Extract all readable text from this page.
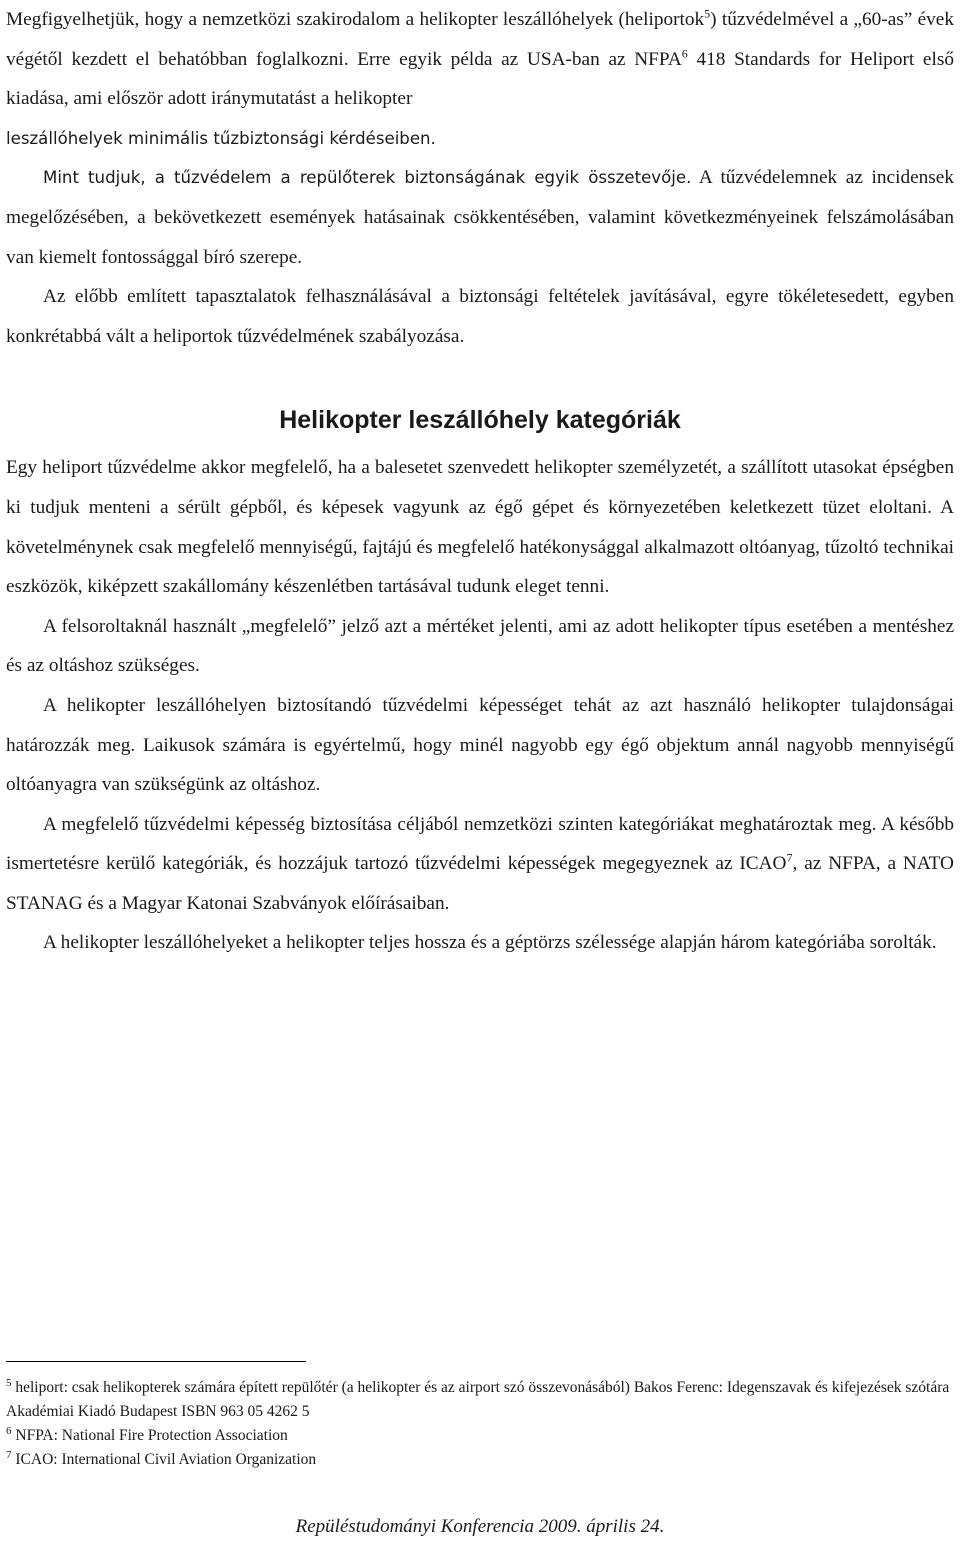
Megfigyelhetjük, hogy a nemzetközi szakirodalom a helikopter leszállóhelyek (heliportok$^5$) tűzvédelmével a „60-as” évek végétől kezdett el behatóbban foglalkozni. Erre egyik példa az USA-ban az NFPA$^6$ 418 Standards for Heliport első kiadása, ami először adott iránymutatást a helikopter
leszállóhelyek minimális tűzbiztonsági kérdéseiben.

Mint tudjuk, a tűzvédelem a repülőterek biztonságának egyik összetevője. A tűzvédelemnek az incidensek megelőzésében, a bekövetkezett események hatásainak csökkentésében, valamint következményeinek felszámolásában van kiemelt fontossággal bíró szerepe.

Az előbb említett tapasztalatok felhasználásával a biztonsági feltételek javításával, egyre tökéletesedett, egyben konkrétabbá vált a heliportok tűzvédelmének szabályozása.

Helikopter leszállóhely kategóriák

Egy heliport tűzvédelme akkor megfelelő, ha a balesetet szenvedett helikopter személyzetét, a szállított utasokat épségben ki tudjuk menteni a sérült gépből, és képesek vagyunk az égő gépet és környezetében keletkezett tüzet eloltani. A követelménynek csak megfelelő mennyiségű, fajtájú és megfelelő hatékonysággal alkalmazott oltóanyag, tűzoltó technikai eszközök, kiképzett szakállomány készenlétben tartásával tudunk eleget tenni.

A felsoroltaknál használt „megfelelő” jelző azt a mértéket jelenti, ami az adott helikopter típus esetében a mentéshez és az oltáshoz szükséges.

A helikopter leszállóhelyen biztosítandó tűzvédelmi képességet tehát az azt használó helikopter tulajdonságai határozzák meg. Laikusok számára is egyértelmű, hogy minél nagyobb egy égő objektum annál nagyobb mennyiségű oltóanyagra van szükségünk az oltáshoz.

A megfelelő tűzvédelmi képesség biztosítása céljából nemzetközi szinten kategóriákat meghatároztak meg. A később ismertetésre kerülő kategóriák, és hozzájuk tartozó tűzvédelmi képességek megegyeznek az ICAO$^7$, az NFPA, a NATO STANAG és a Magyar Katonai Szabványok előírásaiban.

A helikopter leszállóhelyeket a helikopter teljes hossza és a géptörzs szélessége alapján három kategóriába sorolták.

$^5$ heliport: csak helikopterek számára épített repülőtér (a helikopter és az airport szó összevonásából) Bakos Ferenc: Idegenszavak és kifejezések szótára Akadémiai Kiadó Budapest ISBN 963 05 4262 5

$^6$ NFPA: National Fire Protection Association

$^7$ ICAO: International Civil Aviation Organization

Repüléstudományi Konferencia 2009. április 24.
